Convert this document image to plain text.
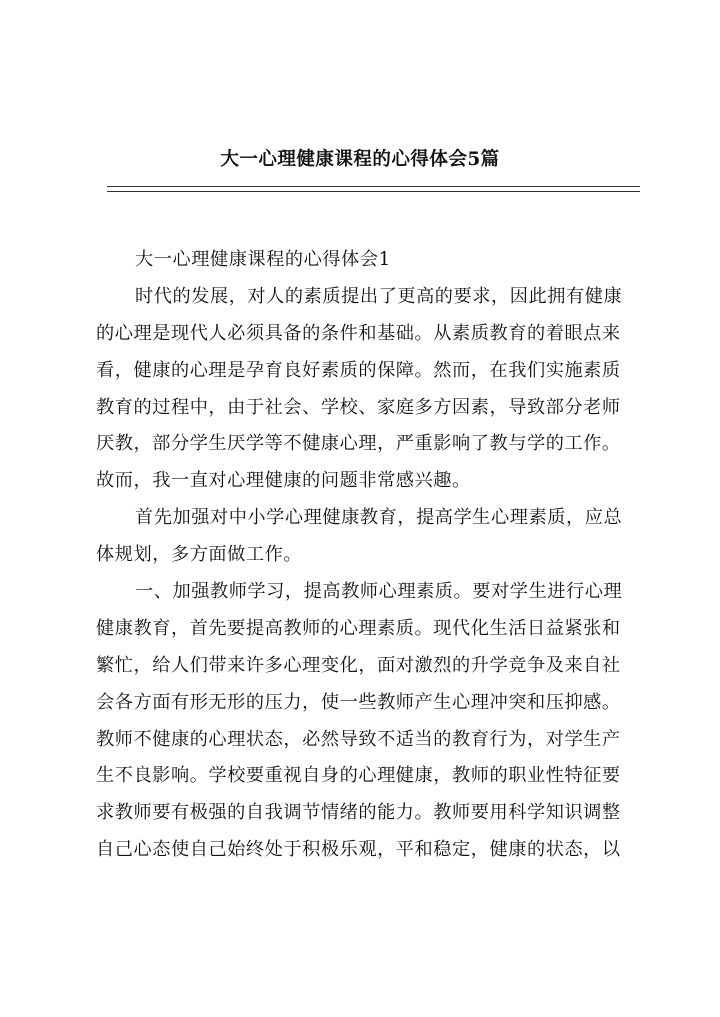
大一心理健康课程的心得体会5篇
大一心理健康课程的心得体会1
时代的发展，对人的素质提出了更高的要求，因此拥有健康
的心理是现代人必须具备的条件和基础。从素质教育的着眼点来
看，健康的心理是孕育良好素质的保障。然而，在我们实施素质
教育的过程中，由于社会、学校、家庭多方因素，导致部分老师
厌教，部分学生厌学等不健康心理，严重影响了教与学的工作。
故而，我一直对心理健康的问题非常感兴趣。
首先加强对中小学心理健康教育，提高学生心理素质，应总
体规划，多方面做工作。
一、加强教师学习，提高教师心理素质。要对学生进行心理
健康教育，首先要提高教师的心理素质。现代化生活日益紧张和
繁忙，给人们带来许多心理变化，面对激烈的升学竞争及来自社
会各方面有形无形的压力，使一些教师产生心理冲突和压抑感。
教师不健康的心理状态，必然导致不适当的教育行为，对学生产
生不良影响。学校要重视自身的心理健康，教师的职业性特征要
求教师要有极强的自我调节情绪的能力。教师要用科学知识调整
自己心态使自己始终处于积极乐观，平和稳定，健康的状态，以
